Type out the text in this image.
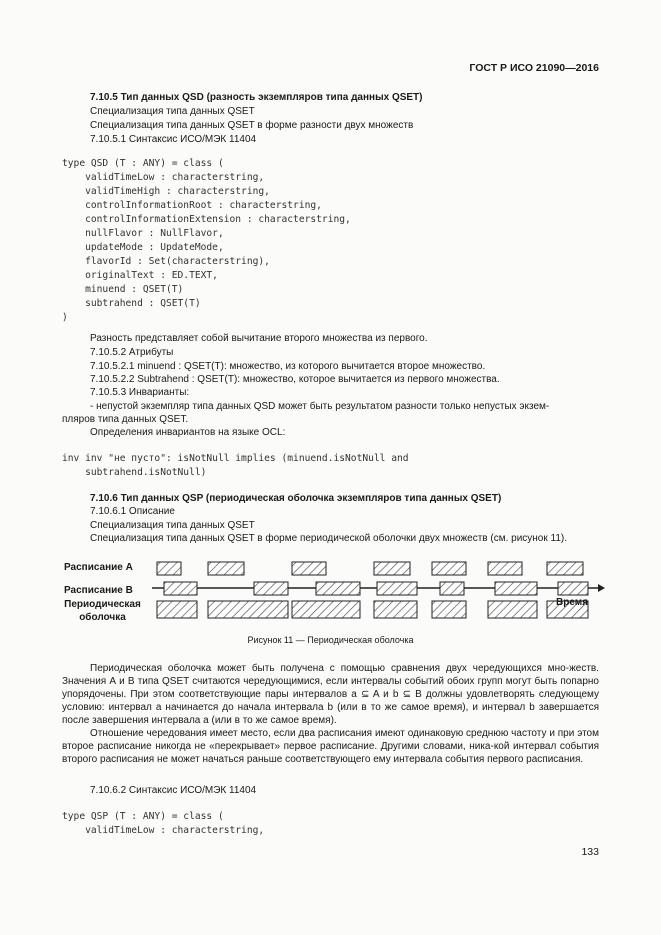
ГОСТ Р ИСО 21090—2016
7.10.5 Тип данных QSD (разность экземпляров типа данных QSET)
Специализация типа данных QSET
Специализация типа данных QSET в форме разности двух множеств
7.10.5.1 Синтаксис ИСО/МЭК 11404
type QSD (T : ANY) = class (
validTimeLow : characterstring,
validTimeHigh : characterstring,
controlInformationRoot : characterstring,
controlInformationExtension : characterstring,
nullFlavor : NullFlavor,
updateMode : UpdateMode,
flavorId : Set(characterstring),
originalText : ED.TEXT,
minuend : QSET(T)
subtrahend : QSET(T)
)
Разность представляет собой вычитание второго множества из первого.
7.10.5.2 Атрибуты
7.10.5.2.1 minuend : QSET(T): множество, из которого вычитается второе множество.
7.10.5.2.2 Subtrahend : QSET(T): множество, которое вычитается из первого множества.
7.10.5.3 Инварианты:
- непустой экземпляр типа данных QSD может быть результатом разности только непустых экзем-
пляров типа данных QSET.
Определения инвариантов на языке OCL:
inv inv "не пусто": isNotNull implies (minuend.isNotNull and
subtrahend.isNotNull)
7.10.6 Тип данных QSP (периодическая оболочка экземпляров типа данных QSET)
7.10.6.1 Описание
Специализация типа данных QSET
Специализация типа данных QSET в форме периодической оболочки двух множеств (см. рисунок 11).
Расписание А
Расписание В
Периодическая
оболочка
Время
Рисунок 11 — Периодическая оболочка

Периодическая оболочка может быть получена с помощью сравнения двух чередующихся мно-жеств. Значения А и В типа QSET считаются чередующимися, если интервалы событий обоих групп могут быть попарно упорядочены. При этом соответствующие пары интервалов a ⊆ A и b ⊆ B должны удовлетворять следующему условию: интервал a начинается до начала интервала b (или в то же самое время), и интервал b завершается после завершения интервала a (или в то же самое время).

Отношение чередования имеет место, если два расписания имеют одинаковую среднюю частоту и при этом второе расписание никогда не «перекрывает» первое расписание. Другими словами, ника-кой интервал события второго расписания не может начаться раньше соответствующего ему интервала события первого расписания.

7.10.6.2 Синтаксис ИСО/МЭК 11404
type QSP (T : ANY) = class (
validTimeLow : characterstring,
133
